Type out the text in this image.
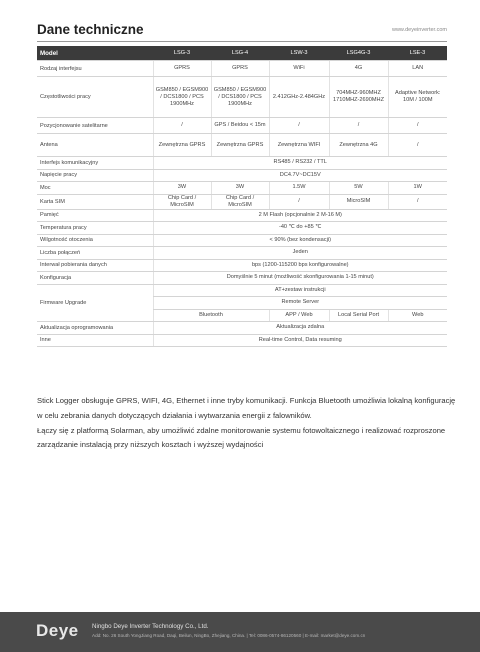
Dane techniczne	www.deyeinverter.com
Model	LSG-3	LSG-4	LSW-3	LSG4G-3	LSE-3
Rodzaj interfejsu	GPRS	GPRS	WiFi	4G	LAN
Częstotliwości pracy	GSM850 / EGSM900 / DCS1800 / PCS 1900MHz	GSM850 / EGSM900 / DCS1800 / PCS 1900MHz	2.412GHz-2.484GHz	704MHZ-960MHZ 1710MHZ-2690MHZ	Adaptive Network: 10M / 100M
Pozycjonowanie satelitarne	/	GPS / Beidou < 15m	/	/	/
Antena	Zewnętrzna GPRS	Zewnętrzna GPRS	Zewnętrzna WIFI	Zewnętrzna 4G	/
Interfejs komunikacyjny	RS485 / RS232 / TTL				
Napięcie pracy	DC4.7V~DC15V				
Moc	3W	3W	1.5W	5W	1W
Karta SIM	Chip Card / MicroSIM	Chip Card / MicroSIM	/	MicroSIM	/
Pamięć	2 M Flash (opcjonalnie 2 M-16 M)				
Temperatura pracy	-40 ℃ do +85 ℃				
Wilgotność otoczenia	< 90% (bez kondensacji)				
Liczba połączeń	Jeden				
Interwał pobierania danych	bps (1200-115200 bps konfigurowalne)				
Konfiguracja	Domyślnie 5 minut (możliwość skonfigurowania 1-15 minut)				
Firmware Upgrade	AT+zestaw instrukcji				
	Remote Server				
	Bluetooth		APP / Web	Local Serial Port	Web
Aktualizacja oprogramowania	Aktualizacja zdalna				
Inne	Real-time Control, Data resuming				

Stick Logger obsługuje GPRS, WIFI, 4G, Ethernet i inne tryby komunikacji. Funkcja Bluetooth umożliwia lokalną konfigurację w celu zebrania danych dotyczących działania i wytwarzania energii z falowników.

Łączy się z platformą Solarman, aby umożliwić zdalne monitorowanie systemu fotowoltaicznego i realizować rozproszone zarządzanie instalacją przy niższych kosztach i wyższej wydajności

Deye Ningbo Deye Inverter Technology Co., Ltd.
Add: No. 26 South YongJiang Road, Daqi, Beilun, NingBo, Zhejiang, China. | Tel: 0086-0574-86120560 | E-mail: market@deye.com.cn
